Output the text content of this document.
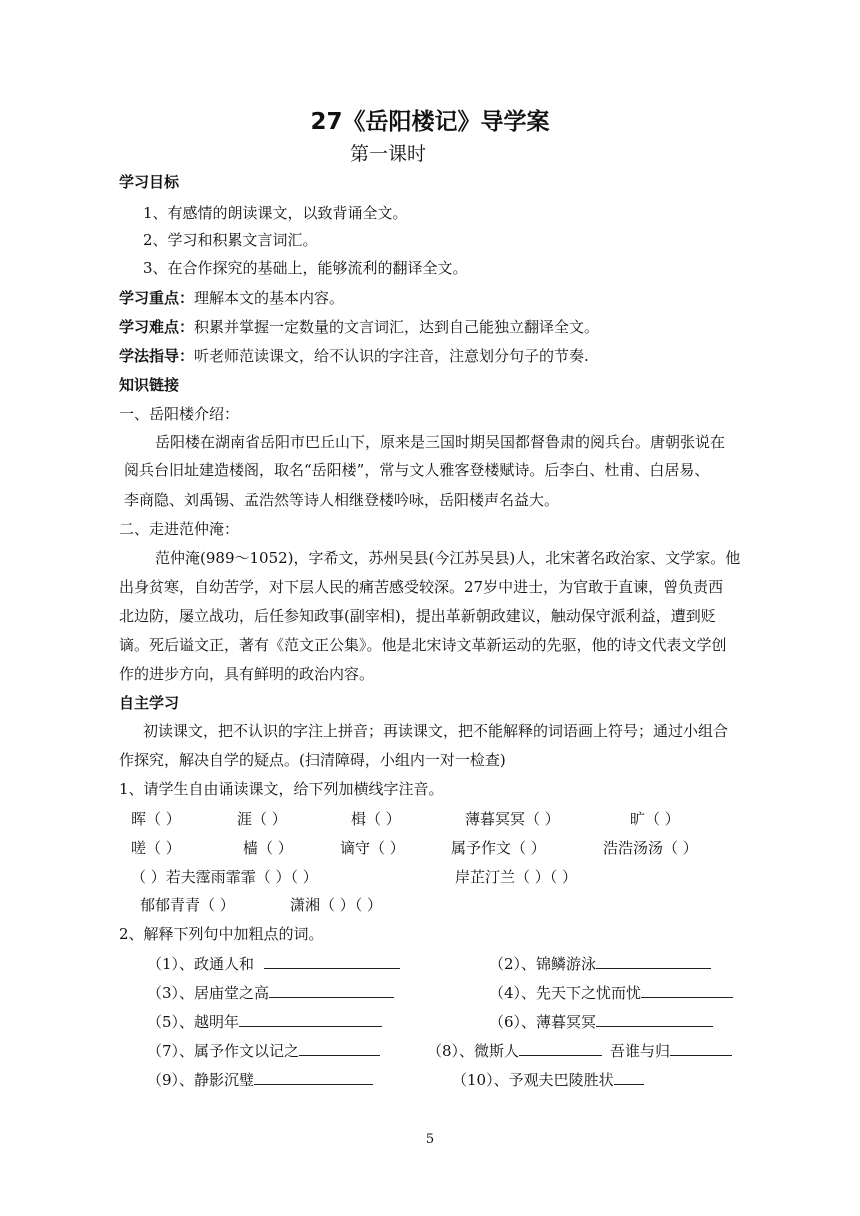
27《岳阳楼记》导学案
第一课时
学习目标
1、有感情的朗读课文，以致背诵全文。
2、学习和积累文言词汇。
3、在合作探究的基础上，能够流利的翻译全文。
学习重点：理解本文的基本内容。
学习难点：积累并掌握一定数量的文言词汇，达到自己能独立翻译全文。
学法指导：听老师范读课文，给不认识的字注音，注意划分句子的节奏.
知识链接
一、岳阳楼介绍：
岳阳楼在湖南省岳阳市巴丘山下，原来是三国时期吴国都督鲁肃的阅兵台。唐朝张说在
阅兵台旧址建造楼阁，取名“岳阳楼”，常与文人雅客登楼赋诗。后李白、杜甫、白居易、
李商隐、刘禹锡、孟浩然等诗人相继登楼吟咏，岳阳楼声名益大。
二、走进范仲淹：
范仲淹(989～1052)，字希文，苏州吴县(今江苏吴县)人，北宋著名政治家、文学家。他
出身贫寒，自幼苦学，对下层人民的痛苦感受较深。27岁中进士，为官敢于直谏，曾负责西
北边防，屡立战功，后任参知政事(副宰相)，提出革新朝政建议，触动保守派利益，遭到贬
谪。死后谥文正，著有《范文正公集》。他是北宋诗文革新运动的先驱，他的诗文代表文学创
作的进步方向，具有鲜明的政治内容。
自主学习
初读课文，把不认识的字注上拼音；再读课文，把不能解释的词语画上符号；通过小组合
作探究，解决自学的疑点。(扫清障碍，小组内一对一检查)
1、请学生自由诵读课文，给下列加横线字注音。
晖（ ）	涯（ ）	楫（ ）	薄暮冥冥（ ）	旷（ ）
嗟（ ）	樯（ ）	谪守（ ）	属予作文（ ）	浩浩汤汤（ ）
（ ）若夫霪雨霏霏（ ）（ ）	岸芷汀兰（ ）（ ）
郁郁青青（ ）	潇湘（ ）（ ）
2、解释下列句中加粗点的词。
（1）、政通人和	（2）、锦鳞游泳
（3）、居庙堂之高	（4）、先天下之忧而忧
（5）、越明年	（6）、薄暮冥冥
（7）、属予作文以记之	（8）、微斯人	吾谁与归
（9）、静影沉璧	（10）、予观夫巴陵胜状
5
